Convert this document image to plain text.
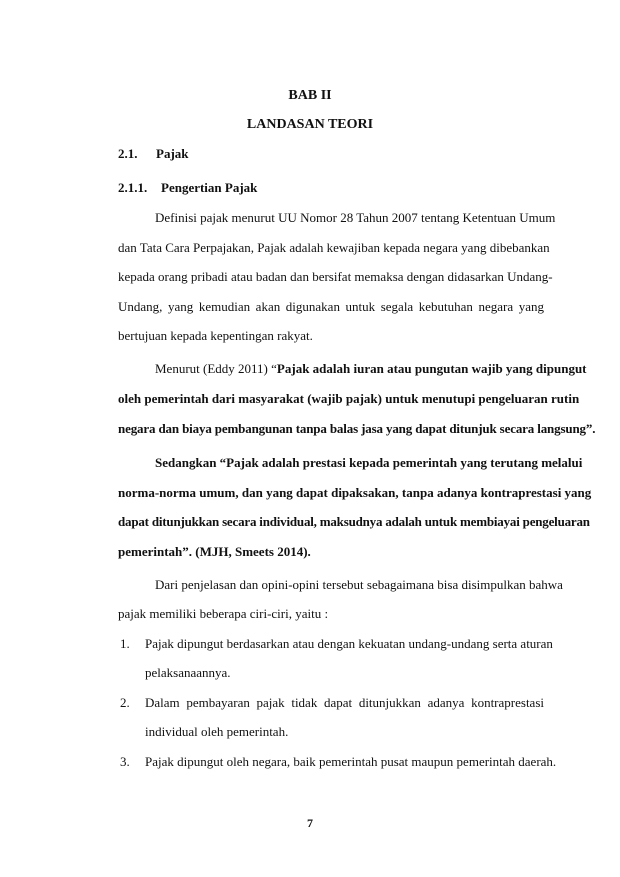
BAB II
LANDASAN TEORI
2.1. Pajak
2.1.1. Pengertian Pajak
Definisi pajak menurut UU Nomor 28 Tahun 2007 tentang Ketentuan Umum
dan Tata Cara Perpajakan, Pajak adalah kewajiban kepada negara yang dibebankan
kepada orang pribadi atau badan dan bersifat memaksa dengan didasarkan Undang-
Undang, yang kemudian akan digunakan untuk segala kebutuhan negara yang
bertujuan kepada kepentingan rakyat.
Menurut (Eddy 2011) “Pajak adalah iuran atau pungutan wajib yang dipungut
oleh pemerintah dari masyarakat (wajib pajak) untuk menutupi pengeluaran rutin
negara dan biaya pembangunan tanpa balas jasa yang dapat ditunjuk secara langsung”.
Sedangkan “Pajak adalah prestasi kepada pemerintah yang terutang melalui
norma-norma umum, dan yang dapat dipaksakan, tanpa adanya kontraprestasi yang
dapat ditunjukkan secara individual, maksudnya adalah untuk membiayai pengeluaran
pemerintah”. (MJH, Smeets 2014).
Dari penjelasan dan opini-opini tersebut sebagaimana bisa disimpulkan bahwa
pajak memiliki beberapa ciri-ciri, yaitu :
1. Pajak dipungut berdasarkan atau dengan kekuatan undang-undang serta aturan
pelaksanaannya.
2. Dalam pembayaran pajak tidak dapat ditunjukkan adanya kontraprestasi
individual oleh pemerintah.
3. Pajak dipungut oleh negara, baik pemerintah pusat maupun pemerintah daerah.
7
